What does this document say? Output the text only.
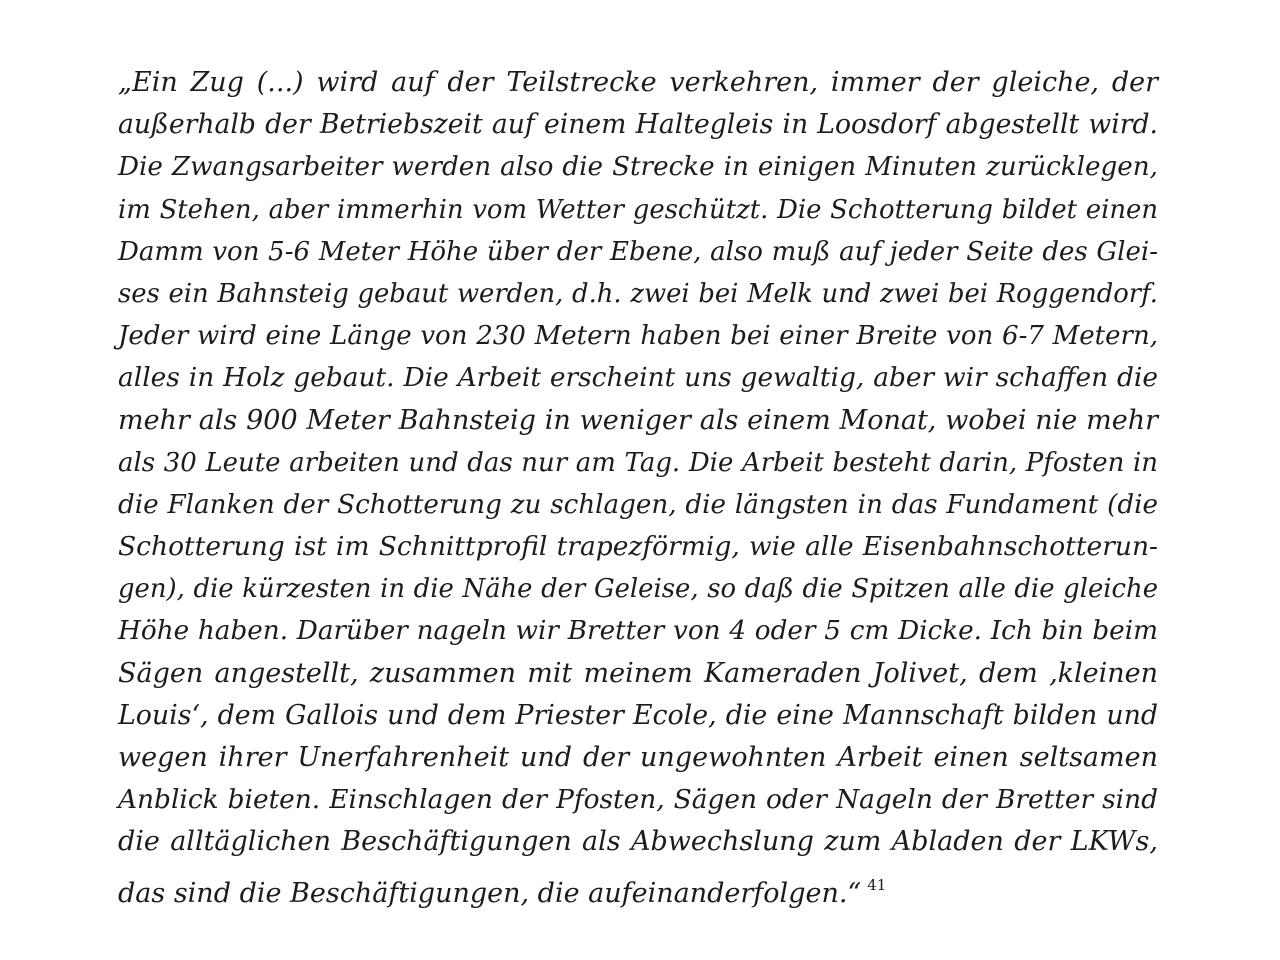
„Ein Zug (...) wird auf der Teilstrecke verkehren, immer der gleiche, der
außerhalb der Betriebszeit auf einem Haltegleis in Loosdorf abgestellt wird.
Die Zwangsarbeiter werden also die Strecke in einigen Minuten zurücklegen,
im Stehen, aber immerhin vom Wetter geschützt. Die Schotterung bildet einen
Damm von 5-6 Meter Höhe über der Ebene, also muß auf jeder Seite des Glei-
ses ein Bahnsteig gebaut werden, d.h. zwei bei Melk und zwei bei Roggendorf.
Jeder wird eine Länge von 230 Metern haben bei einer Breite von 6-7 Metern,
alles in Holz gebaut. Die Arbeit erscheint uns gewaltig, aber wir schaffen die
mehr als 900 Meter Bahnsteig in weniger als einem Monat, wobei nie mehr
als 30 Leute arbeiten und das nur am Tag. Die Arbeit besteht darin, Pfosten in
die Flanken der Schotterung zu schlagen, die längsten in das Fundament (die
Schotterung ist im Schnittprofil trapezförmig, wie alle Eisenbahnschotterun-
gen), die kürzesten in die Nähe der Geleise, so daß die Spitzen alle die gleiche
Höhe haben. Darüber nageln wir Bretter von 4 oder 5 cm Dicke. Ich bin beim
Sägen angestellt, zusammen mit meinem Kameraden Jolivet, dem ‚kleinen
Louis‘, dem Gallois und dem Priester Ecole, die eine Mannschaft bilden und
wegen ihrer Unerfahrenheit und der ungewohnten Arbeit einen seltsamen
Anblick bieten. Einschlagen der Pfosten, Sägen oder Nageln der Bretter sind
die alltäglichen Beschäftigungen als Abwechslung zum Abladen der LKWs,
das sind die Beschäftigungen, die aufeinanderfolgen.“ $^{41}$
